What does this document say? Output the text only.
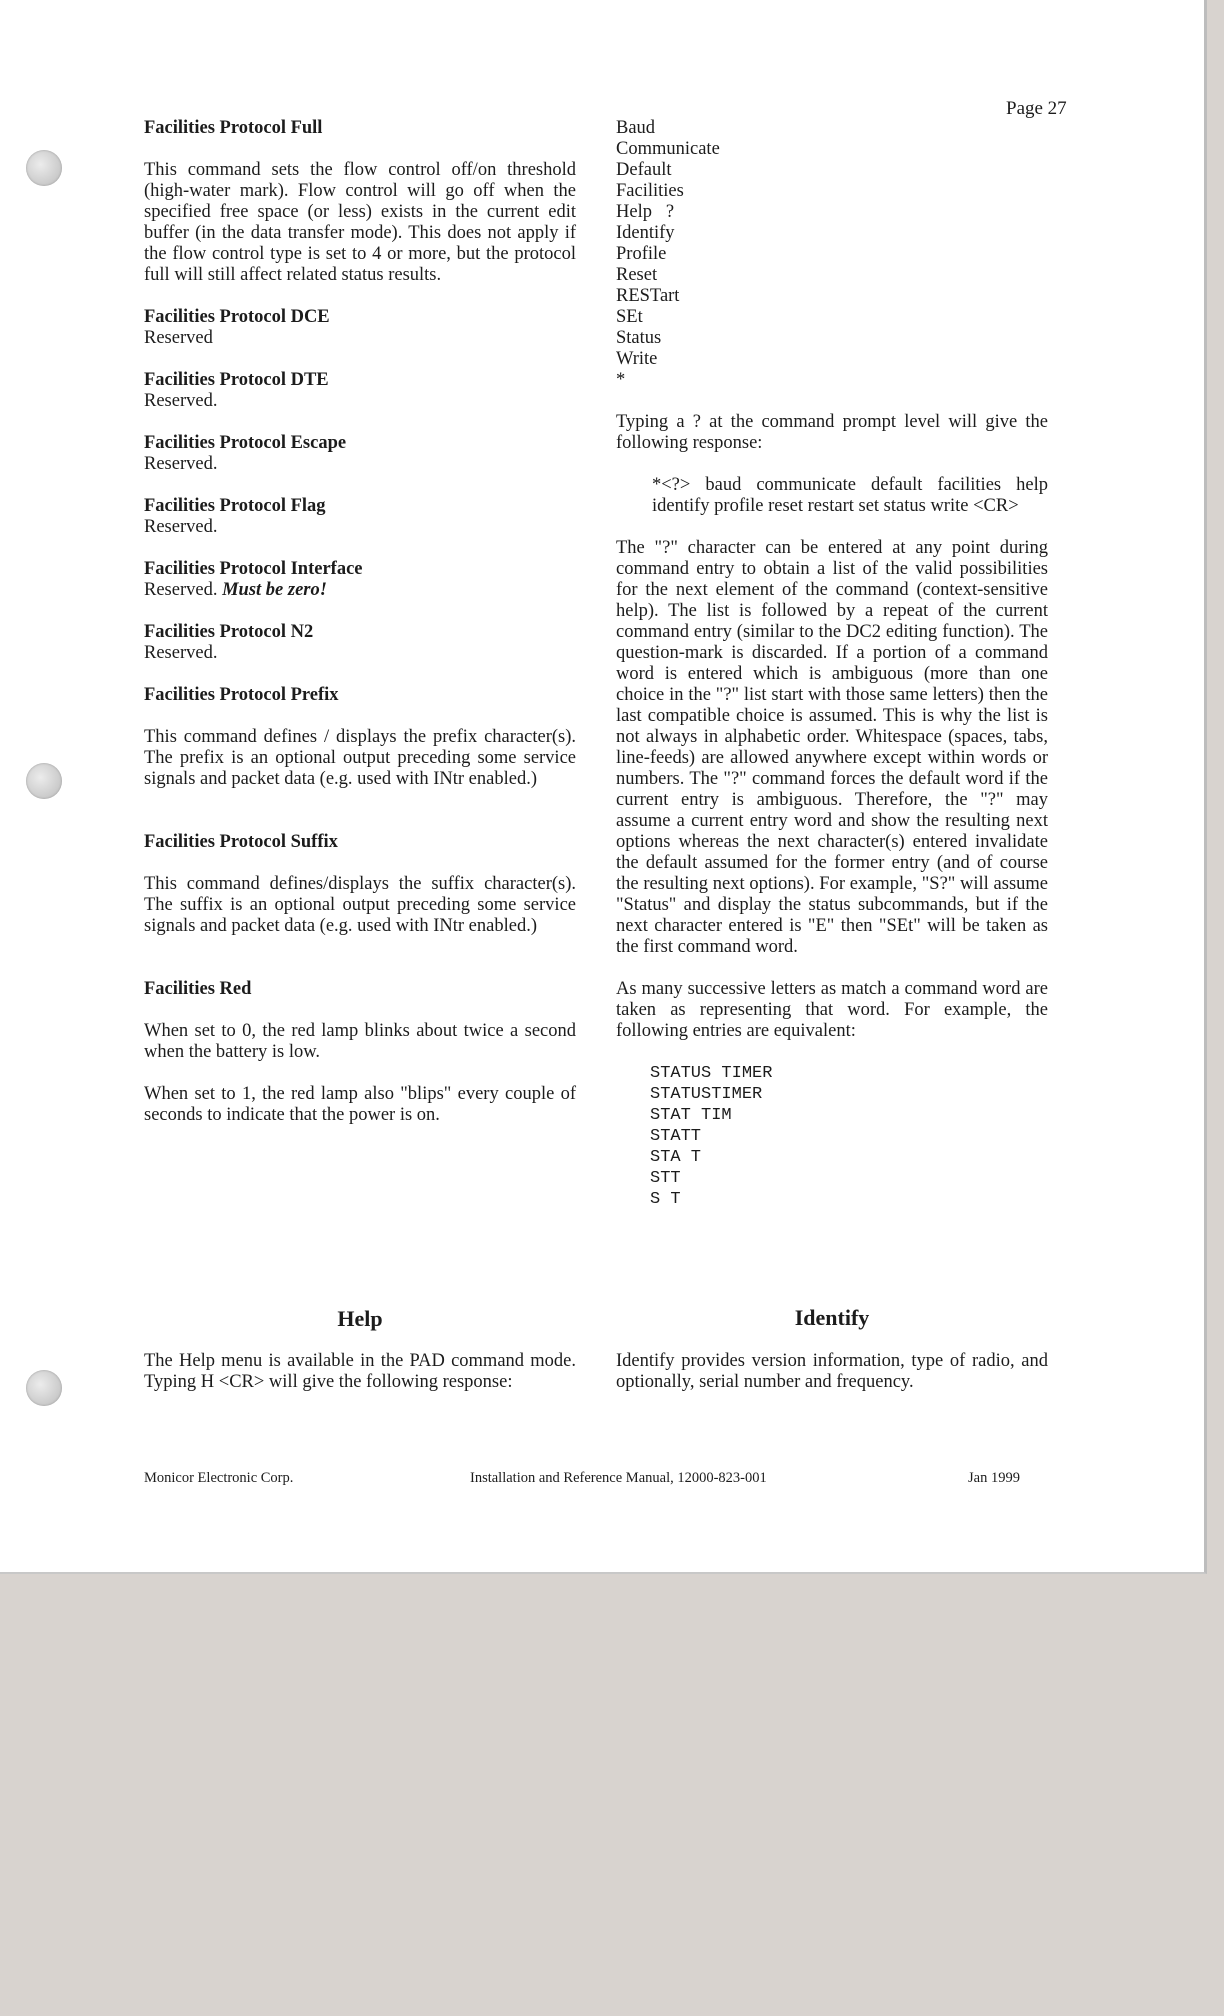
Page 27

Facilities Protocol Full

This command sets the flow control off/on threshold (high-water mark). Flow control will go off when the specified free space (or less) exists in the current edit buffer (in the data transfer mode). This does not apply if the flow control type is set to 4 or more, but the protocol full will still affect related status results.

Facilities Protocol DCE

Reserved

Facilities Protocol DTE

Reserved.

Facilities Protocol Escape

Reserved.

Facilities Protocol Flag

Reserved.

Facilities Protocol Interface

Reserved. Must be zero!

Facilities Protocol N2

Reserved.

Facilities Protocol Prefix

This command defines / displays the prefix character(s). The prefix is an optional output preceding some service signals and packet data (e.g. used with INtr enabled.)

Facilities Protocol Suffix

This command defines/displays the suffix character(s). The suffix is an optional output preceding some service signals and packet data (e.g. used with INtr enabled.)

Facilities Red

When set to 0, the red lamp blinks about twice a second when the battery is low.

When set to 1, the red lamp also "blips" every couple of seconds to indicate that the power is on.

Baud
Communicate
Default
Facilities
Help   ?
Identify
Profile
Reset
RESTart
SEt
Status
Write
*

Typing a ? at the command prompt level will give the following response:

*<?> baud communicate default facilities help identify profile reset restart set status write <CR>

The "?" character can be entered at any point during command entry to obtain a list of the valid possibilities for the next element of the command (context-sensitive help). The list is followed by a repeat of the current command entry (similar to the DC2 editing function). The question-mark is discarded. If a portion of a command word is entered which is ambiguous (more than one choice in the "?" list start with those same letters) then the last compatible choice is assumed. This is why the list is not always in alphabetic order. Whitespace (spaces, tabs, line-feeds) are allowed anywhere except within words or numbers. The "?" command forces the default word if the current entry is ambiguous. Therefore, the "?" may assume a current entry word and show the resulting next options whereas the next character(s) entered invalidate the default assumed for the former entry (and of course the resulting next options). For example, "S?" will assume "Status" and display the status subcommands, but if the next character entered is "E" then "SEt" will be taken as the first command word.

As many successive letters as match a command word are taken as representing that word. For example, the following entries are equivalent:

STATUS TIMER
STATUSTIMER
STAT TIM
STATT
STA T
STT
S T
Help	Identify

The Help menu is available in the PAD command mode. Typing H <CR> will give the following response:

Identify provides version information, type of radio, and optionally, serial number and frequency.

Monicor Electronic Corp.	Installation and Reference Manual, 12000-823-001	Jan 1999
